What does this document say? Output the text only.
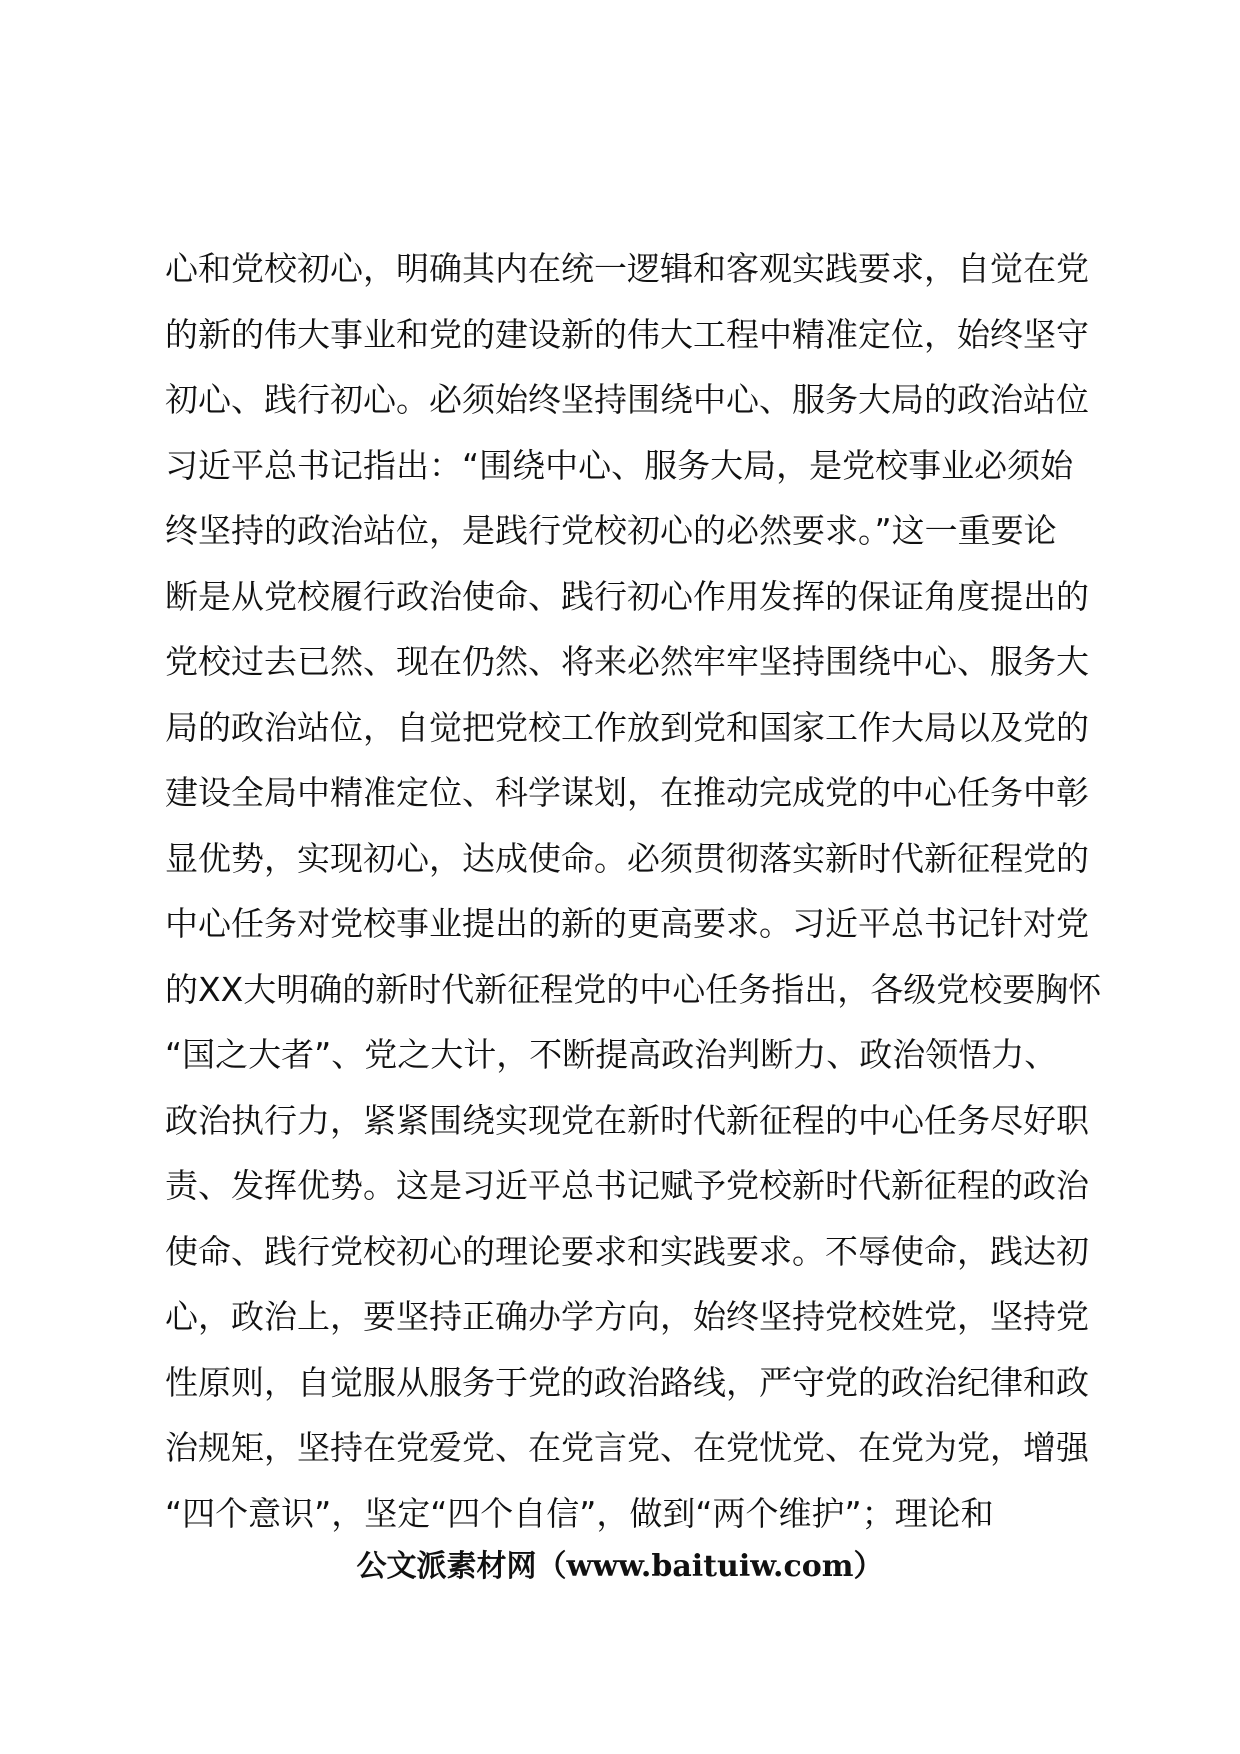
心和党校初心，明确其内在统一逻辑和客观实践要求，自觉在党
的新的伟大事业和党的建设新的伟大工程中精准定位，始终坚守
初心、践行初心。必须始终坚持围绕中心、服务大局的政治站位
习近平总书记指出：“围绕中心、服务大局，是党校事业必须始
终坚持的政治站位，是践行党校初心的必然要求。”这一重要论
断是从党校履行政治使命、践行初心作用发挥的保证角度提出的
党校过去已然、现在仍然、将来必然牢牢坚持围绕中心、服务大
局的政治站位，自觉把党校工作放到党和国家工作大局以及党的
建设全局中精准定位、科学谋划，在推动完成党的中心任务中彰
显优势，实现初心，达成使命。必须贯彻落实新时代新征程党的
中心任务对党校事业提出的新的更高要求。习近平总书记针对党
的XX大明确的新时代新征程党的中心任务指出，各级党校要胸怀
“国之大者”、党之大计，不断提高政治判断力、政治领悟力、
政治执行力，紧紧围绕实现党在新时代新征程的中心任务尽好职
责、发挥优势。这是习近平总书记赋予党校新时代新征程的政治
使命、践行党校初心的理论要求和实践要求。不辱使命，践达初
心，政治上，要坚持正确办学方向，始终坚持党校姓党，坚持党
性原则，自觉服从服务于党的政治路线，严守党的政治纪律和政
治规矩，坚持在党爱党、在党言党、在党忧党、在党为党，增强
“四个意识”，坚定“四个自信”，做到“两个维护”；理论和
公文派素材网（www.baituiw.com）
